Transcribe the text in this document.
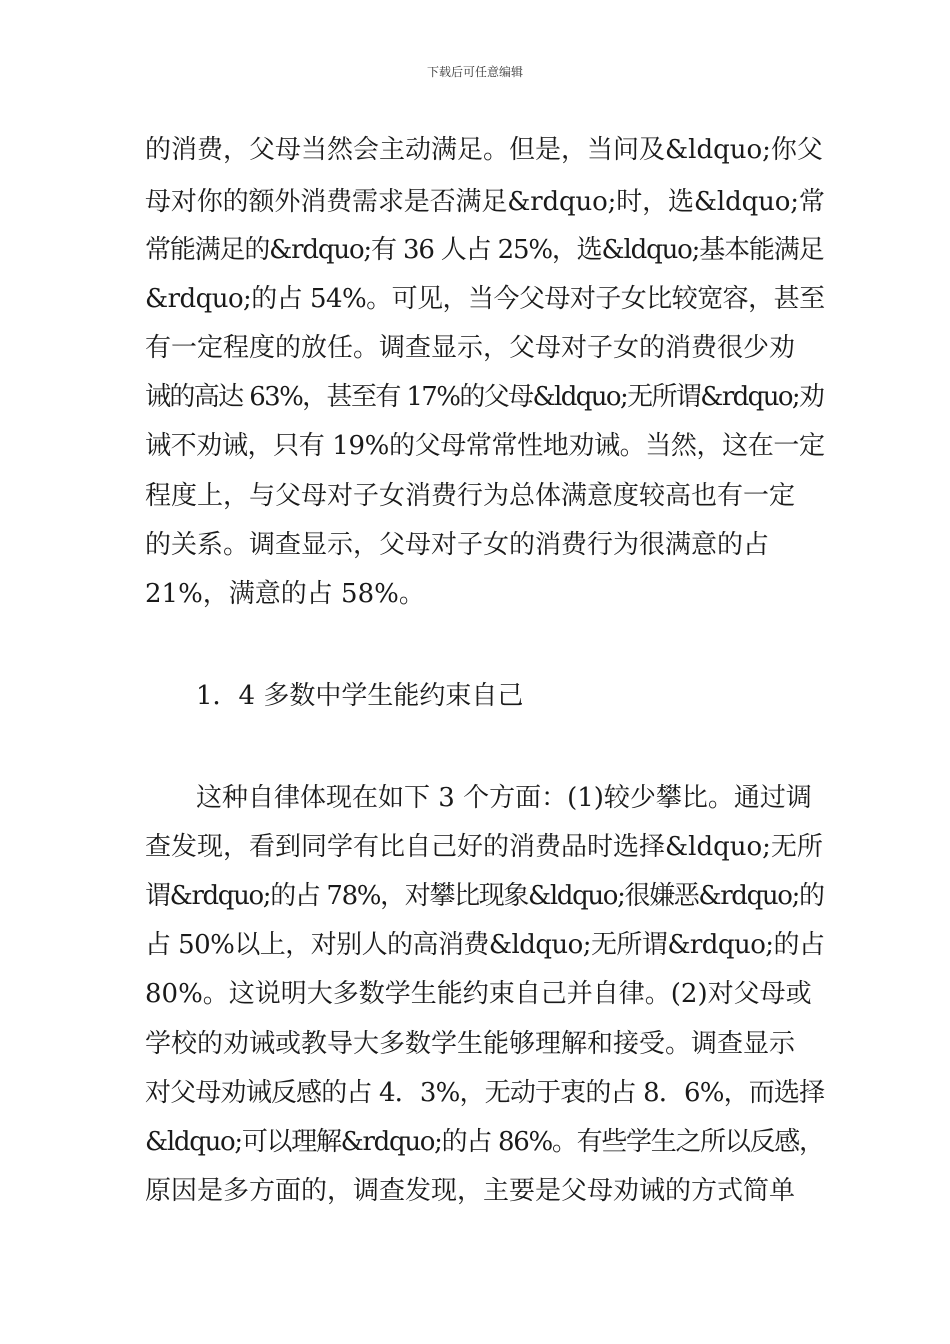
下载后可任意编辑
的消费，父母当然会主动满足。但是，当问及&ldquo;你父
母对你的额外消费需求是否满足&rdquo;时，选&ldquo;常
常能满足的&rdquo;有 36 人占 25%，选&ldquo;基本能满足
&rdquo;的占 54%。可见，当今父母对子女比较宽容，甚至
有一定程度的放任。调查显示，父母对子女的消费很少劝
诫的高达 63%，甚至有 17%的父母&ldquo;无所谓&rdquo;劝
诫不劝诫，只有 19%的父母常常性地劝诫。当然，这在一定
程度上，与父母对子女消费行为总体满意度较高也有一定
的关系。调查显示，父母对子女的消费行为很满意的占
21%，满意的占 58%。
1．4 多数中学生能约束自己
这种自律体现在如下 3 个方面：(1)较少攀比。通过调
查发现，看到同学有比自己好的消费品时选择&ldquo;无所
谓&rdquo;的占 78%，对攀比现象&ldquo;很嫌恶&rdquo;的
占 50%以上，对别人的高消费&ldquo;无所谓&rdquo;的占
80%。这说明大多数学生能约束自己并自律。(2)对父母或
学校的劝诫或教导大多数学生能够理解和接受。调查显示
对父母劝诫反感的占 4．3%，无动于衷的占 8．6%，而选择
&ldquo;可以理解&rdquo;的占 86%。有些学生之所以反感，
原因是多方面的，调查发现，主要是父母劝诫的方式简单
